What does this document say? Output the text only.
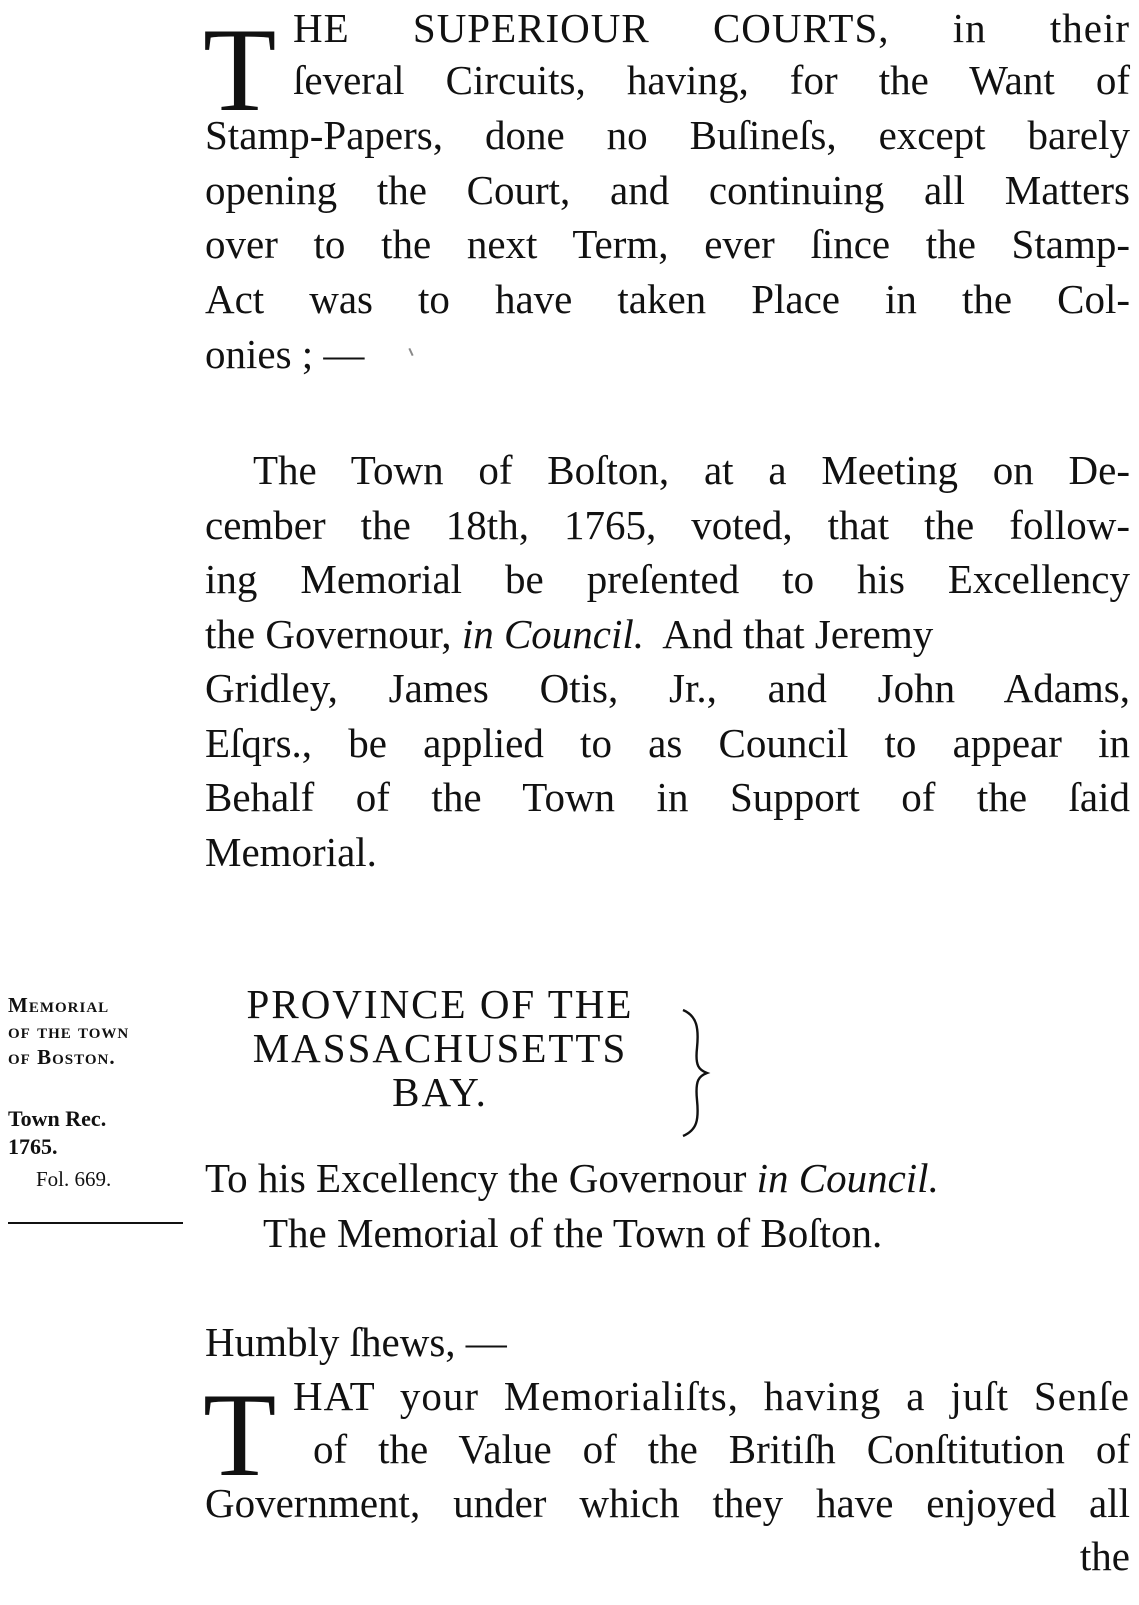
T HE SUPERIOUR COURTS, in their
ſeveral Circuits, having, for the Want of
Stamp-Papers, done no Buſineſs, except barely
opening the Court, and continuing all Matters
over to the next Term, ever ſince the Stamp-
Act was to have taken Place in the Col-
onies ; —
The Town of Boſton, at a Meeting on De-
cember the 18th, 1765, voted, that the follow-
ing Memorial be preſented to his Excellency
the Governour, in Council.  And that Jeremy
Gridley, James Otis, Jr., and John Adams,
Eſqrs., be applied to as Council to appear in
Behalf of the Town in Support of the ſaid
Memorial.
Memorial
of the town
of Boston.
Town Rec.
1765.
Fol. 669.
PROVINCE OF THE
MASSACHUSETTS
BAY.
To his Excellency the Governour in Council.
The Memorial of the Town of Boſton.
Humbly ſhews, —
T HAT your Memorialiſts, having a juſt Senſe
of the Value of the Britiſh Conſtitution of
Government, under which they have enjoyed all
the
